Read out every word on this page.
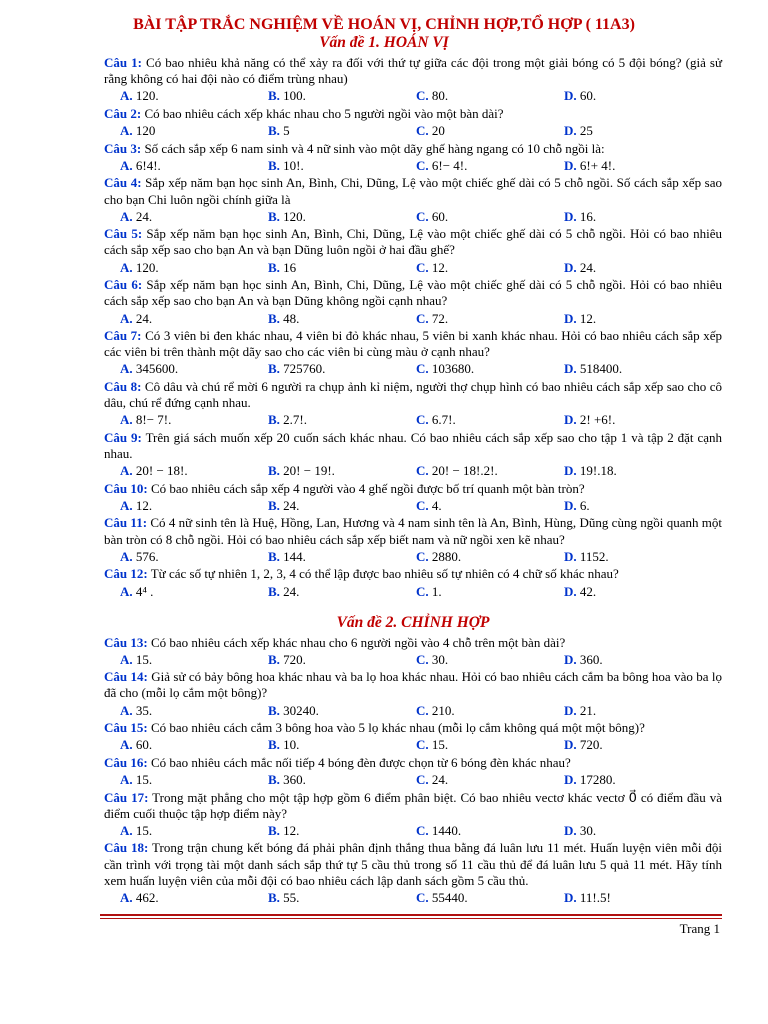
BÀI TẬP TRẮC NGHIỆM VỀ HOÁN VỊ, CHỈNH HỢP,TỔ HỢP ( 11A3)
Vấn đề 1. HOÁN VỊ
Câu 1: Có bao nhiêu khả năng có thể xảy ra đối với thứ tự giữa các đội trong một giải bóng có 5 đội bóng? (giả sử rằng không có hai đội nào có điểm trùng nhau)
A. 120.	B. 100.	C. 80.	D. 60.
Câu 2: Có bao nhiêu cách xếp khác nhau cho 5 người ngồi vào một bàn dài?
A. 120	B. 5	C. 20	D. 25
Câu 3: Số cách sắp xếp 6 nam sinh và 4 nữ sinh vào một dãy ghế hàng ngang có 10 chỗ ngồi là:
A. 6!4!.	B. 10!.	C. 6!− 4!.	D. 6!+ 4!.
Câu 4: Sắp xếp năm bạn học sinh An, Bình, Chi, Dũng, Lệ vào một chiếc ghế dài có 5 chỗ ngồi. Số cách sắp xếp sao cho bạn Chi luôn ngồi chính giữa là
A. 24.	B. 120.	C. 60.	D. 16.
Câu 5: Sắp xếp năm bạn học sinh An, Bình, Chi, Dũng, Lệ vào một chiếc ghế dài có 5 chỗ ngồi. Hỏi có bao nhiêu cách sắp xếp sao cho bạn An và bạn Dũng luôn ngồi ở hai đầu ghế?
A. 120.	B. 16	C. 12.	D. 24.
Câu 6: Sắp xếp năm bạn học sinh An, Bình, Chi, Dũng, Lệ vào một chiếc ghế dài có 5 chỗ ngồi. Hỏi có bao nhiêu cách sắp xếp sao cho bạn An và bạn Dũng không ngồi cạnh nhau?
A. 24.	B. 48.	C. 72.	D. 12.
Câu 7: Có 3 viên bi đen khác nhau, 4 viên bi đỏ khác nhau, 5 viên bi xanh khác nhau. Hỏi có bao nhiêu cách sắp xếp các viên bi trên thành một dãy sao cho các viên bi cùng màu ở cạnh nhau?
A. 345600.	B. 725760.	C. 103680.	D. 518400.
Câu 8: Cô dâu và chú rể mời 6 người ra chụp ảnh kỉ niệm, người thợ chụp hình có bao nhiêu cách sắp xếp sao cho cô dâu, chú rể đứng cạnh nhau.
A. 8!− 7!.	B. 2.7!.	C. 6.7!.	D. 2! +6!.
Câu 9: Trên giá sách muốn xếp 20 cuốn sách khác nhau. Có bao nhiêu cách sắp xếp sao cho tập 1 và tập 2 đặt cạnh nhau.
A. 20! − 18!.	B. 20! − 19!.	C. 20! − 18!.2!.	D. 19!.18.
Câu 10: Có bao nhiêu cách sắp xếp 4 người vào 4 ghế ngồi được bố trí quanh một bàn tròn?
A. 12.	B. 24.	C. 4.	D. 6.
Câu 11: Có 4 nữ sinh tên là Huệ, Hồng, Lan, Hương và 4 nam sinh tên là An, Bình, Hùng, Dũng cùng ngồi quanh một bàn tròn có 8 chỗ ngồi. Hỏi có bao nhiêu cách sắp xếp biết nam và nữ ngồi xen kẽ nhau?
A. 576.	B. 144.	C. 2880.	D. 1152.
Câu 12: Từ các số tự nhiên 1, 2, 3, 4 có thể lập được bao nhiêu số tự nhiên có 4 chữ số khác nhau?
A. 4⁴ .	B. 24.	C. 1.	D. 42.
Vấn đề 2. CHỈNH HỢP
Câu 13: Có bao nhiêu cách xếp khác nhau cho 6 người ngồi vào 4 chỗ trên một bàn dài?
A. 15.	B. 720.	C. 30.	D. 360.
Câu 14: Giả sử có bảy bông hoa khác nhau và ba lọ hoa khác nhau. Hỏi có bao nhiêu cách cắm ba bông hoa vào ba lọ đã cho (mỗi lọ cắm một bông)?
A. 35.	B. 30240.	C. 210.	D. 21.
Câu 15: Có bao nhiêu cách cắm 3 bông hoa vào 5 lọ khác nhau (mỗi lọ cắm không quá một một bông)?
A. 60.	B. 10.	C. 15.	D. 720.
Câu 16: Có bao nhiêu cách mắc nối tiếp 4 bóng đèn được chọn từ 6 bóng đèn khác nhau?
A. 15.	B. 360.	C. 24.	D. 17280.
Câu 17: Trong mặt phẳng cho một tập hợp gồm 6 điểm phân biệt. Có bao nhiêu vectơ khác vectơ 0⃗ có điểm đầu và điểm cuối thuộc tập hợp điểm này?
A. 15.	B. 12.	C. 1440.	D. 30.
Câu 18: Trong trận chung kết bóng đá phải phân định thắng thua bằng đá luân lưu 11 mét. Huấn luyện viên mỗi đội cần trình với trọng tài một danh sách sắp thứ tự 5 cầu thủ trong số 11 cầu thủ để đá luân lưu 5 quả 11 mét. Hãy tính xem huấn luyện viên của mỗi đội có bao nhiêu cách lập danh sách gồm 5 cầu thủ.
A. 462.	B. 55.	C. 55440.	D. 11!.5!
Trang 1
